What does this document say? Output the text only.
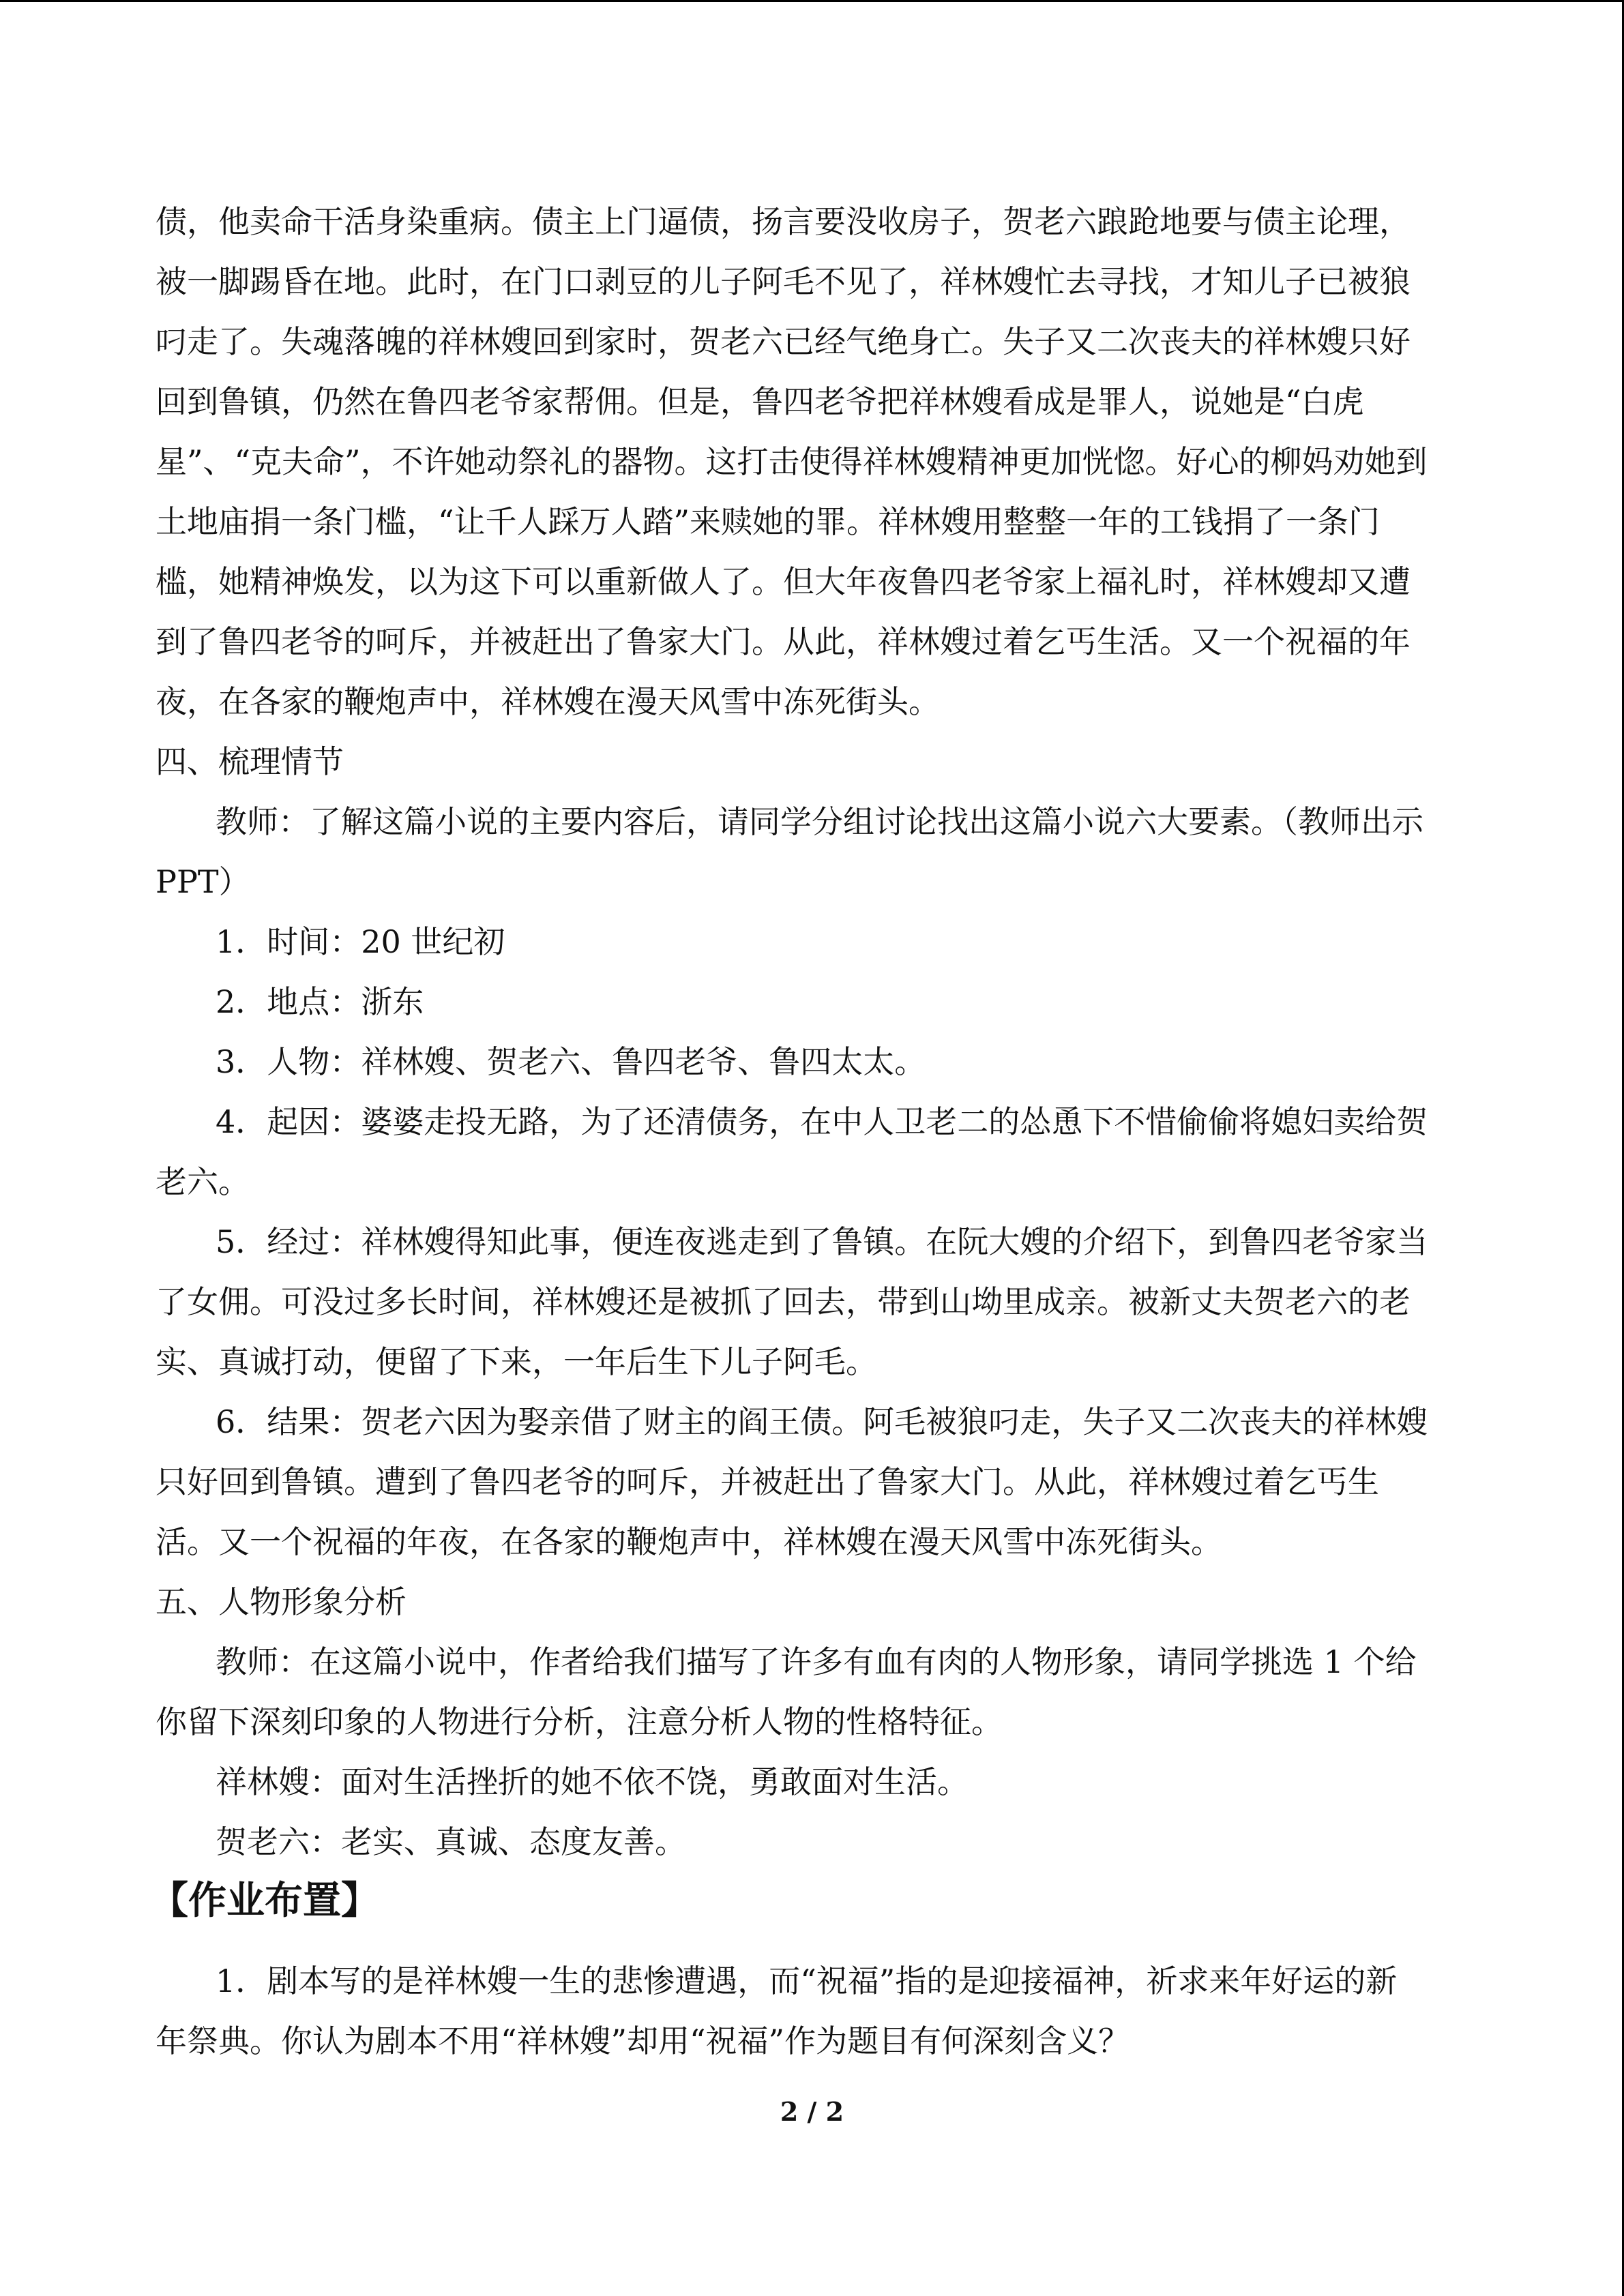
债，他卖命干活身染重病。债主上门逼债，扬言要没收房子，贺老六踉跄地要与债主论理，
被一脚踢昏在地。此时，在门口剥豆的儿子阿毛不见了，祥林嫂忙去寻找，才知儿子已被狼
叼走了。失魂落魄的祥林嫂回到家时，贺老六已经气绝身亡。失子又二次丧夫的祥林嫂只好
回到鲁镇，仍然在鲁四老爷家帮佣。但是，鲁四老爷把祥林嫂看成是罪人，说她是“白虎
星”、“克夫命”，不许她动祭礼的器物。这打击使得祥林嫂精神更加恍惚。好心的柳妈劝她到
土地庙捐一条门槛，“让千人踩万人踏”来赎她的罪。祥林嫂用整整一年的工钱捐了一条门
槛，她精神焕发，以为这下可以重新做人了。但大年夜鲁四老爷家上福礼时，祥林嫂却又遭
到了鲁四老爷的呵斥，并被赶出了鲁家大门。从此，祥林嫂过着乞丐生活。又一个祝福的年
夜，在各家的鞭炮声中，祥林嫂在漫天风雪中冻死街头。
四、梳理情节
教师：了解这篇小说的主要内容后，请同学分组讨论找出这篇小说六大要素。（教师出示
PPT）
1．时间：20 世纪初
2．地点：浙东
3．人物：祥林嫂、贺老六、鲁四老爷、鲁四太太。
4．起因：婆婆走投无路，为了还清债务，在中人卫老二的怂恿下不惜偷偷将媳妇卖给贺
老六。
5．经过：祥林嫂得知此事，便连夜逃走到了鲁镇。在阮大嫂的介绍下，到鲁四老爷家当
了女佣。可没过多长时间，祥林嫂还是被抓了回去，带到山坳里成亲。被新丈夫贺老六的老
实、真诚打动，便留了下来，一年后生下儿子阿毛。
6．结果：贺老六因为娶亲借了财主的阎王债。阿毛被狼叼走，失子又二次丧夫的祥林嫂
只好回到鲁镇。遭到了鲁四老爷的呵斥，并被赶出了鲁家大门。从此，祥林嫂过着乞丐生
活。又一个祝福的年夜，在各家的鞭炮声中，祥林嫂在漫天风雪中冻死街头。
五、人物形象分析
教师：在这篇小说中，作者给我们描写了许多有血有肉的人物形象，请同学挑选 1 个给
你留下深刻印象的人物进行分析，注意分析人物的性格特征。
祥林嫂：面对生活挫折的她不依不饶，勇敢面对生活。
贺老六：老实、真诚、态度友善。
【作业布置】
1．剧本写的是祥林嫂一生的悲惨遭遇，而“祝福”指的是迎接福神，祈求来年好运的新
年祭典。你认为剧本不用“祥林嫂”却用“祝福”作为题目有何深刻含义？
2 / 2
